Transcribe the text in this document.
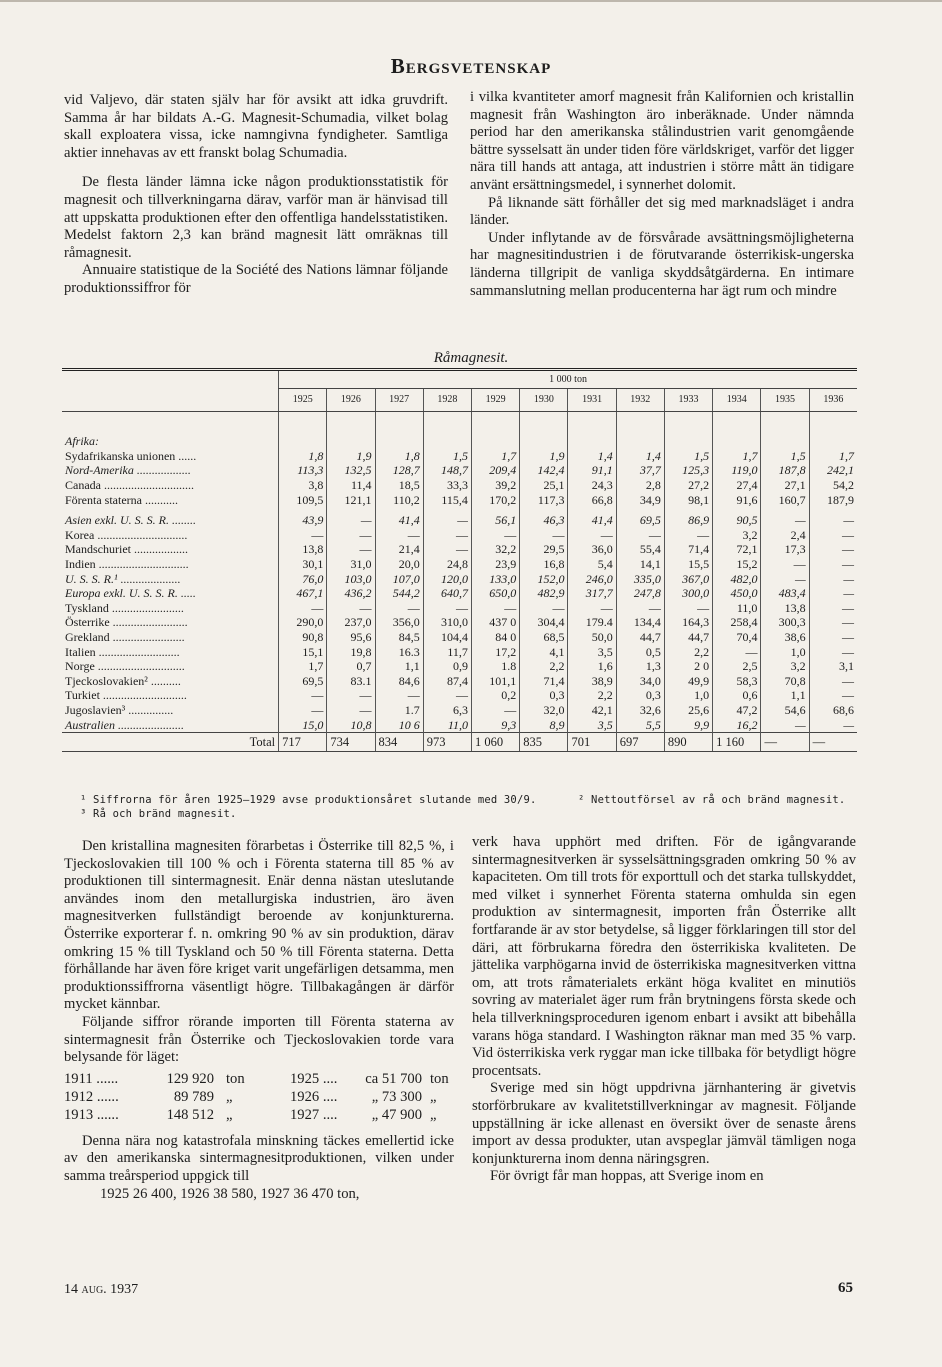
Bergsvetenskap

vid Valjevo, där staten själv har för avsikt att idka gruvdrift. Samma år har bildats A.-G. Magnesit-Schumadia, vilket bolag skall exploatera vissa, icke namngivna fyndigheter. Samtliga aktier innehavas av ett franskt bolag Schumadia.

De flesta länder lämna icke någon produktionsstatistik för magnesit och tillverkningarna därav, varför man är hänvisad till att uppskatta produktionen efter den offentliga handelsstatistiken. Medelst faktorn 2,3 kan bränd magnesit lätt omräknas till råmagnesit.

Annuaire statistique de la Société des Nations lämnar följande produktionssiffror för

i vilka kvantiteter amorf magnesit från Kalifornien och kristallin magnesit från Washington äro inberäknade. Under nämnda period har den amerikanska stålindustrien varit genomgående bättre sysselsatt än under tiden före världskriget, varför det ligger nära till hands att antaga, att industrien i större mått än tidigare använt ersättningsmedel, i synnerhet dolomit.

På liknande sätt förhåller det sig med marknadsläget i andra länder.

Under inflytande av de försvårade avsättningsmöjligheterna har magnesitindustrien i de förutvarande österrikisk-ungerska länderna tillgripit de vanliga skyddsåtgärderna. En intimare sammanslutning mellan producenterna har ägt rum och mindre

Råmagnesit.
	1 000 ton											
	1925	1926	1927	1928	1929	1930	1931	1932	1933	1934	1935	1936
Afrika:												
Sydafrikanska unionen ......	1,8	1,9	1,8	1,5	1,7	1,9	1,4	1,4	1,5	1,7	1,5	1,7
Nord-Amerika ..................	113,3	132,5	128,7	148,7	209,4	142,4	91,1	37,7	125,3	119,0	187,8	242,1
Canada ..............................	3,8	11,4	18,5	33,3	39,2	25,1	24,3	2,8	27,2	27,4	27,1	54,2
Förenta staterna ...........	109,5	121,1	110,2	115,4	170,2	117,3	66,8	34,9	98,1	91,6	160,7	187,9

Asien exkl. U. S. S. R. ........	43,9	—	41,4	—	56,1	46,3	41,4	69,5	86,9	90,5	—	—
Korea ..............................	—	—	—	—	—	—	—	—	—	3,2	2,4	—
Mandschuriet ..................	13,8	—	21,4	—	32,2	29,5	36,0	55,4	71,4	72,1	17,3	—
Indien ..............................	30,1	31,0	20,0	24,8	23,9	16,8	5,4	14,1	15,5	15,2	—	—
U. S. S. R.¹ ....................	76,0	103,0	107,0	120,0	133,0	152,0	246,0	335,0	367,0	482,0	—	—
Europa exkl. U. S. S. R. .....	467,1	436,2	544,2	640,7	650,0	482,9	317,7	247,8	300,0	450,0	483,4	—
Tyskland ........................	—	—	—	—	—	—	—	—	—	11,0	13,8	—
Österrike .........................	290,0	237,0	356,0	310,0	437 0	304,4	179.4	134,4	164,3	258,4	300,3	—
Grekland ........................	90,8	95,6	84,5	104,4	84 0	68,5	50,0	44,7	44,7	70,4	38,6	—
Italien ...........................	15,1	19,8	16.3	11,7	17,2	4,1	3,5	0,5	2,2	—	1,0	—
Norge .............................	1,7	0,7	1,1	0,9	1.8	2,2	1,6	1,3	2 0	2,5	3,2	3,1
Tjeckoslovakien² ..........	69,5	83.1	84,6	87,4	101,1	71,4	38,9	34,0	49,9	58,3	70,8	—
Turkiet ............................	—	—	—	—	0,2	0,3	2,2	0,3	1,0	0,6	1,1	—
Jugoslavien³ ...............	—	—	1.7	6,3	—	32,0	42,1	32,6	25,6	47,2	54,6	68,6
Australien ......................	15,0	10,8	10 6	11,0	9,3	8,9	3,5	5,5	9,9	16,2	—	—
Total	717	734	834	973	1 060	835	701	697	890	1 160	—	—
¹ Siffrorna för åren 1925—1929 avse produktionsåret slutande med 30/9.	² Nettoutförsel av rå och bränd magnesit.
³ Rå och bränd magnesit.

Den kristallina magnesiten förarbetas i Österrike till 82,5 %, i Tjeckoslovakien till 100 % och i Förenta staterna till 85 % av produktionen till sintermagnesit. Enär denna nästan uteslutande användes inom den metallurgiska industrien, äro även magnesitverken fullständigt beroende av konjunkturerna. Österrike exporterar f. n. omkring 90 % av sin produktion, därav omkring 15 % till Tyskland och 50 % till Förenta staterna. Detta förhållande har även före kriget varit ungefärligen detsamma, men produktionssiffrorna väsentligt högre. Tillbakagången är därför mycket kännbar.

Följande siffror rörande importen till Förenta staterna av sintermagnesit från Österrike och Tjeckoslovakien torde vara belysande för läget:

1911 ......	129 920	ton	1925 ....	ca 51 700	ton
1912 ......	89 789	„	1926 ....	„ 73 300	„
1913 ......	148 512	„	1927 ....	„ 47 900	„

Denna nära nog katastrofala minskning täckes emellertid icke av den amerikanska sintermagnesitproduktionen, vilken under samma treårsperiod uppgick till

1925 26 400, 1926 38 580, 1927 36 470 ton,

verk hava upphört med driften. För de igångvarande sintermagnesitverken är sysselsättningsgraden omkring 50 % av kapaciteten. Om till trots för exporttull och det starka tullskyddet, med vilket i synnerhet Förenta staterna omhulda sin egen produktion av sintermagnesit, importen från Österrike allt fortfarande är av stor betydelse, så ligger förklaringen till stor del däri, att förbrukarna föredra den österrikiska kvaliteten. De jättelika varphögarna invid de österrikiska magnesitverken vittna om, att trots råmaterialets erkänt höga kvalitet en minutiös sovring av materialet äger rum från brytningens första skede och hela tillverkningsproceduren igenom enbart i avsikt att bibehålla varans höga standard. I Washington räknar man med 35 % varp. Vid österrikiska verk ryggar man icke tillbaka för betydligt högre procentsats.

Sverige med sin högt uppdrivna järnhantering är givetvis storförbrukare av kvalitetstillverkningar av magnesit. Följande uppställning är icke allenast en översikt över de senaste årens import av dessa produkter, utan avspeglar jämväl tämligen noga konjunkturerna inom denna näringsgren.

För övrigt får man hoppas, att Sverige inom en

14 aug. 1937	65
